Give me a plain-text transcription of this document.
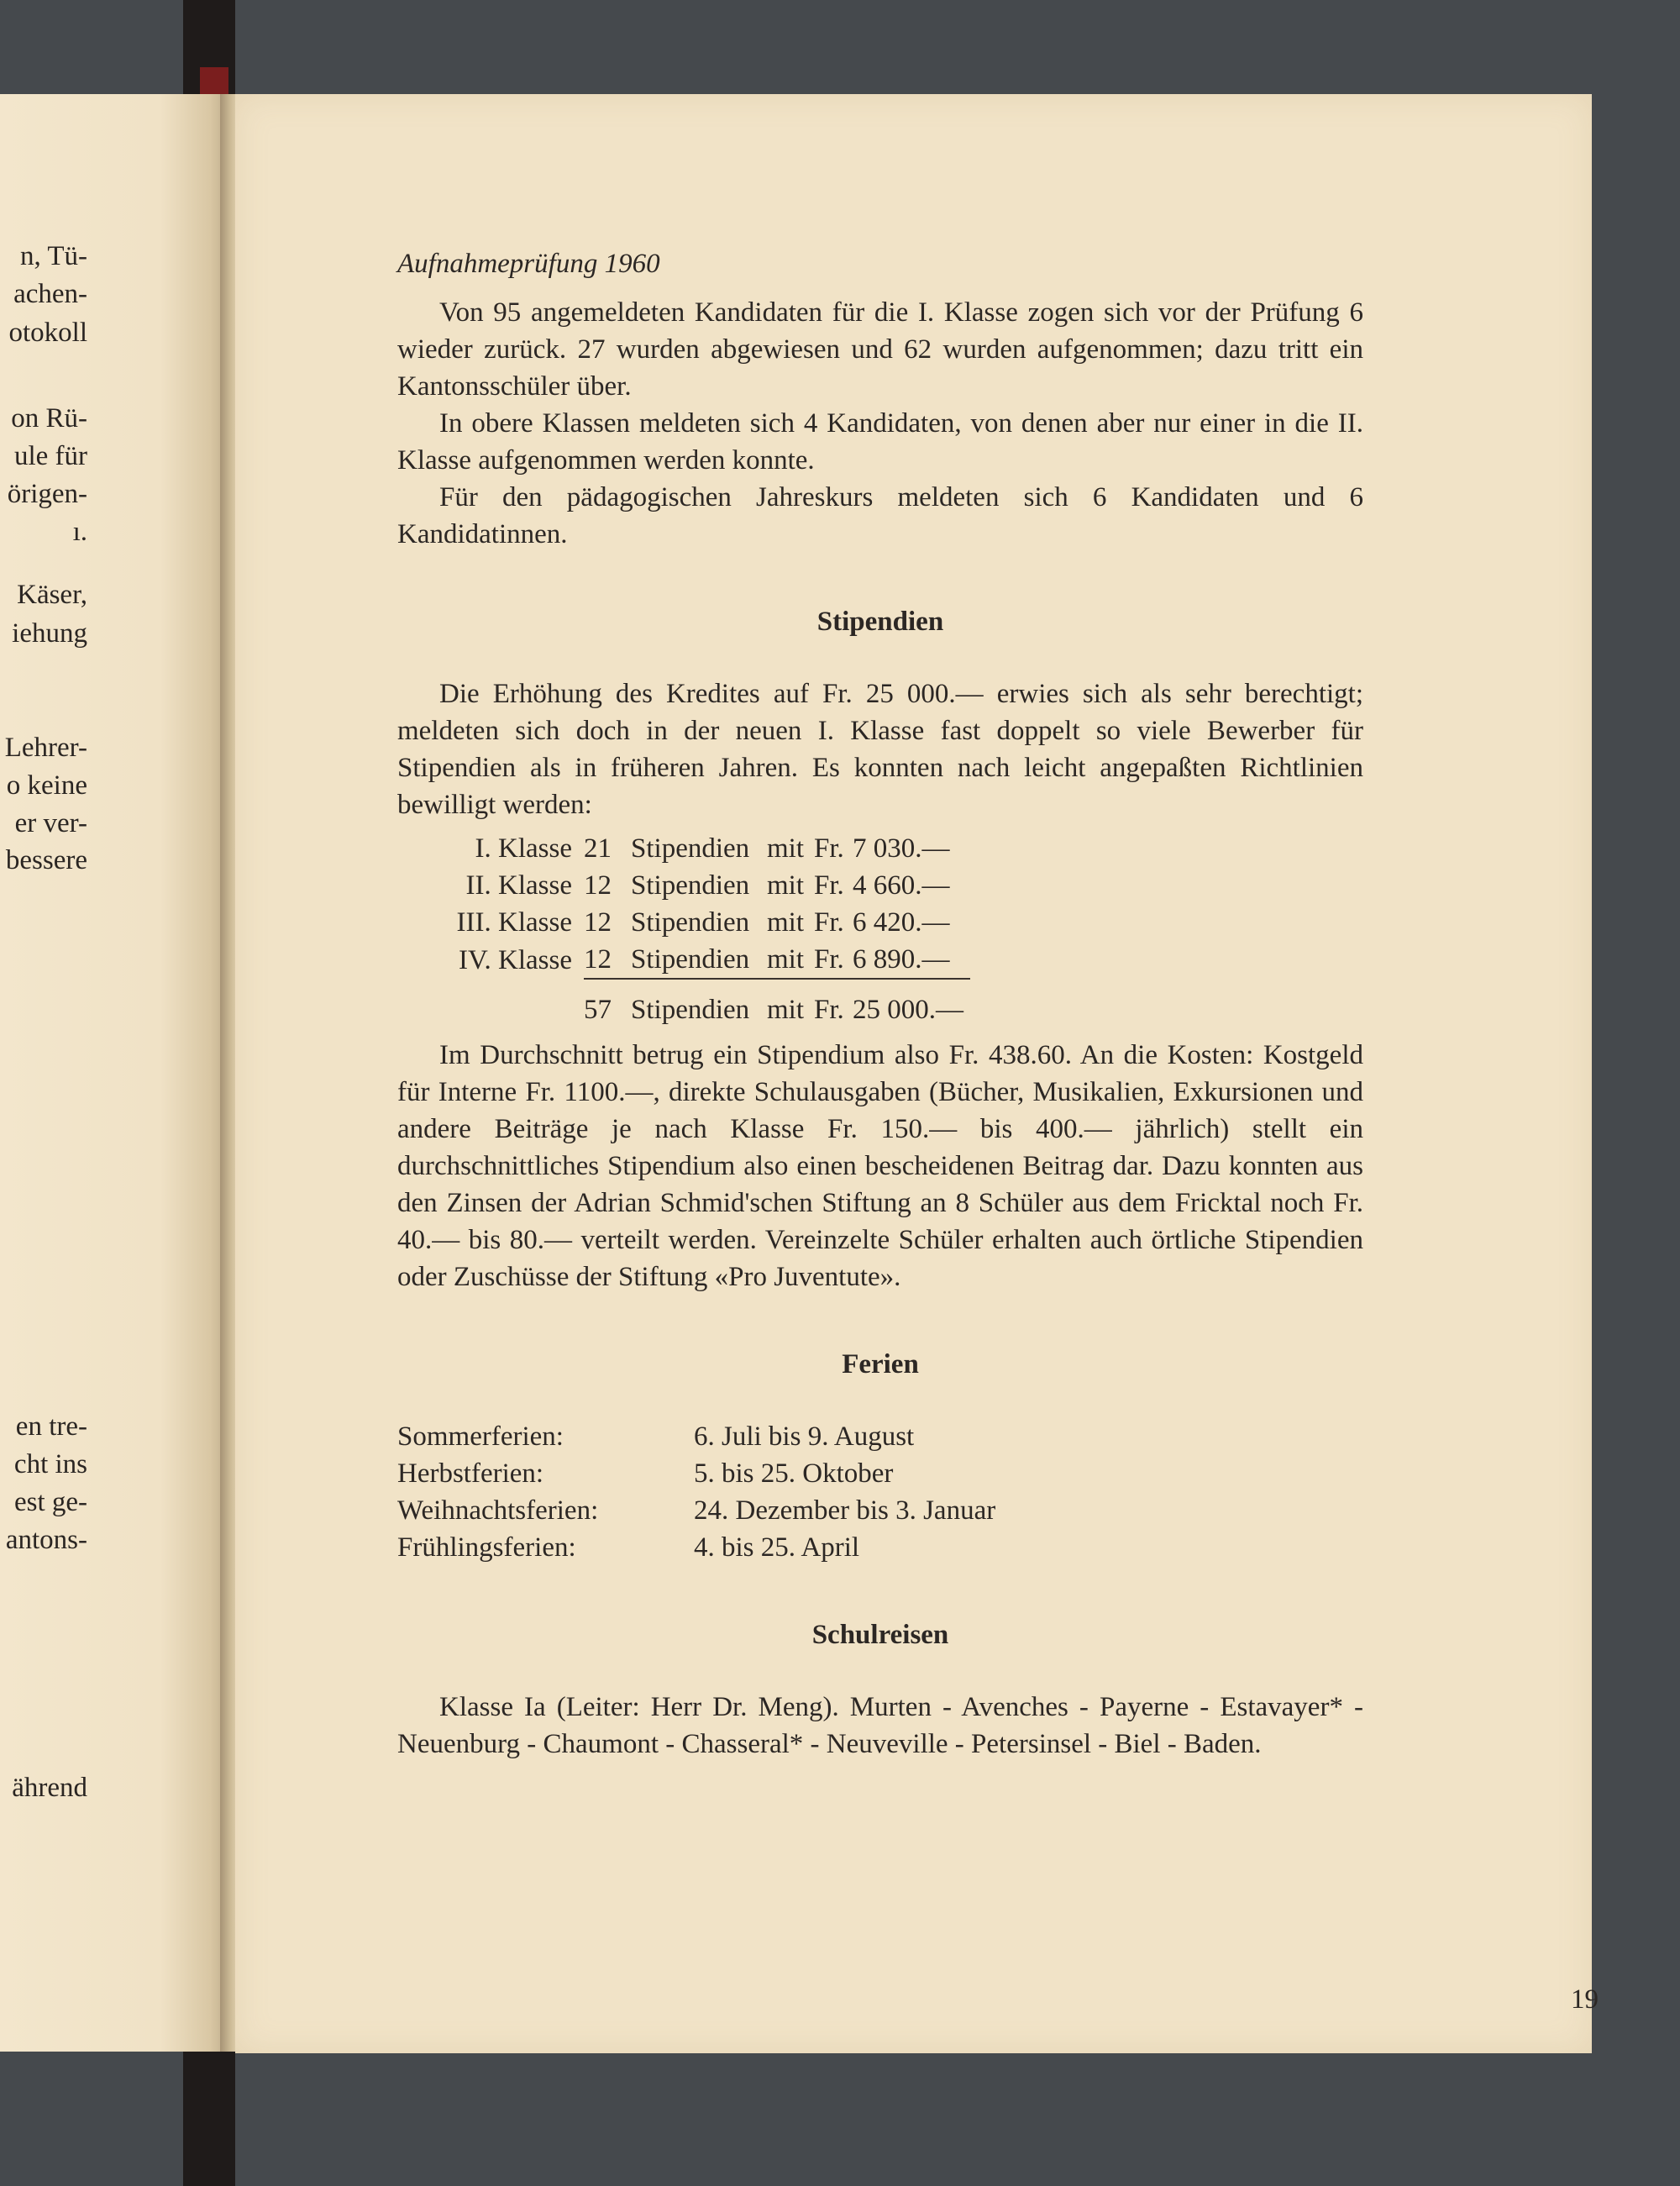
n, Tü-
achen-
otokoll
on Rü-
ule für
örigen-
ı.
Käser,
iehung
Lehrer-
o keine
er ver-
bessere
en tre-
cht ins
est ge-
antons-
ährend
Aufnahmeprüfung 1960

Von 95 angemeldeten Kandidaten für die I. Klasse zogen sich vor der Prüfung 6 wieder zurück. 27 wurden abgewiesen und 62 wurden aufgenommen; dazu tritt ein Kantonsschüler über.

In obere Klassen meldeten sich 4 Kandidaten, von denen aber nur einer in die II. Klasse aufgenommen werden konnte.

Für den pädagogischen Jahreskurs meldeten sich 6 Kandidaten und 6 Kandidatinnen.

Stipendien

Die Erhöhung des Kredites auf Fr. 25 000.— erwies sich als sehr berechtigt; meldeten sich doch in der neuen I. Klasse fast doppelt so viele Bewerber für Stipendien als in früheren Jahren. Es konnten nach leicht angepaßten Richtlinien bewilligt werden:

I. Klasse	21	Stipendien	mit	Fr.	7 030.—
II. Klasse	12	Stipendien	mit	Fr.	4 660.—
III. Klasse	12	Stipendien	mit	Fr.	6 420.—
IV. Klasse	12	Stipendien	mit	Fr.	6 890.—
	57	Stipendien	mit	Fr.	25 000.—

Im Durchschnitt betrug ein Stipendium also Fr. 438.60. An die Kosten: Kostgeld für Interne Fr. 1100.—, direkte Schulausgaben (Bücher, Musikalien, Exkursionen und andere Beiträge je nach Klasse Fr. 150.— bis 400.— jährlich) stellt ein durchschnittliches Stipendium also einen bescheidenen Beitrag dar. Dazu konnten aus den Zinsen der Adrian Schmid'schen Stiftung an 8 Schüler aus dem Fricktal noch Fr. 40.— bis 80.— verteilt werden. Vereinzelte Schüler erhalten auch örtliche Stipendien oder Zuschüsse der Stiftung «Pro Juventute».

Ferien
Sommerferien:	6. Juli bis 9. August
Herbstferien:	5. bis 25. Oktober
Weihnachtsferien:	24. Dezember bis 3. Januar
Frühlingsferien:	4. bis 25. April
Schulreisen

Klasse Ia (Leiter: Herr Dr. Meng). Murten - Avenches - Payerne - Estavayer* - Neuenburg - Chaumont - Chasseral* - Neuveville - Petersinsel - Biel - Baden.

19
